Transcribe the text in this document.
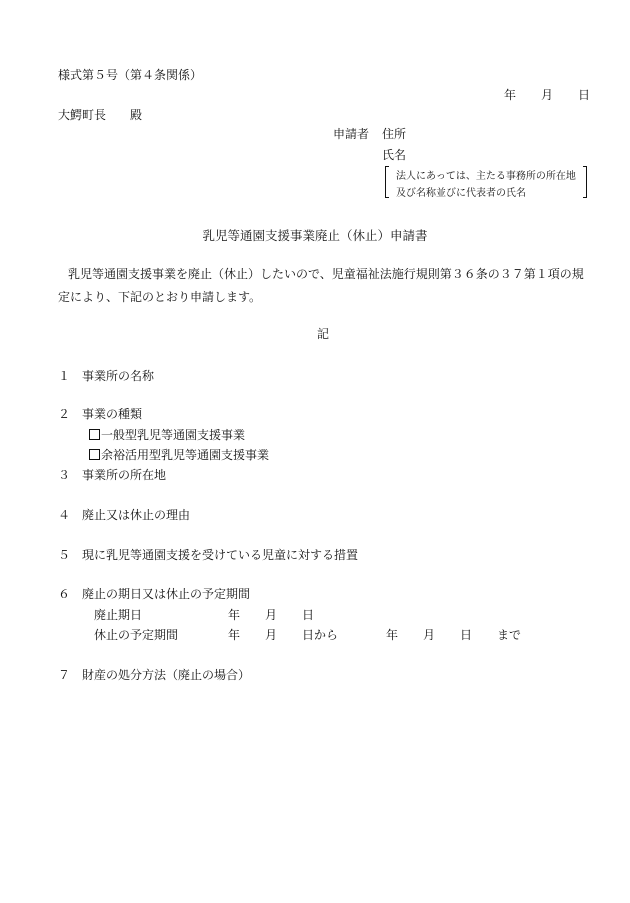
様式第５号（第４条関係）
年 月 日
大鰐町長 殿
申請者 住所
氏名
法人にあっては、主たる事務所の所在地
及び名称並びに代表者の氏名
乳児等通園支援事業廃止（休止）申請書
乳児等通園支援事業を廃止（休止）したいので、児童福祉法施行規則第３６条の３７第１項の規定により、下記のとおり申請します。
記
１ 事業所の名称
２ 事業の種類
一般型乳児等通園支援事業
余裕活用型乳児等通園支援事業
３ 事業所の所在地
４ 廃止又は休止の理由
５ 現に乳児等通園支援を受けている児童に対する措置
６ 廃止の期日又は休止の予定期間
廃止期日	年 月 日
休止の予定期間	年 月 日から	年 月 日 まで
７ 財産の処分方法（廃止の場合）
